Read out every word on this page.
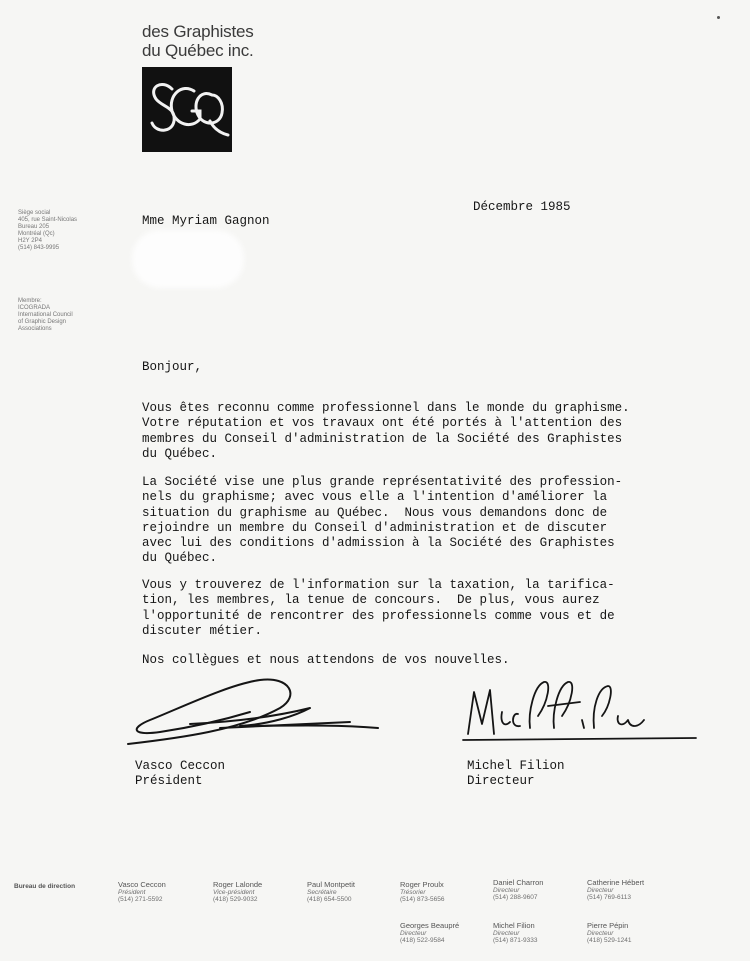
des Graphistes
du Québec inc.
Siège social
405, rue Saint-Nicolas
Bureau 205
Montréal (Qc)
H2Y 2P4
(514) 843-9995
Membre:
ICOGRADA
International Council
of Graphic Design
Associations
Décembre 1985
Mme Myriam Gagnon
Bonjour,

Vous êtes reconnu comme professionnel dans le monde du graphisme.
Votre réputation et vos travaux ont été portés à l'attention des
membres du Conseil d'administration de la Société des Graphistes
du Québec.

La Société vise une plus grande représentativité des profession-
nels du graphisme; avec vous elle a l'intention d'améliorer la
situation du graphisme au Québec.  Nous vous demandons donc de
rejoindre un membre du Conseil d'administration et de discuter
avec lui des conditions d'admission à la Société des Graphistes
du Québec.

Vous y trouverez de l'information sur la taxation, la tarifica-
tion, les membres, la tenue de concours.  De plus, vous aurez
l'opportunité de rencontrer des professionnels comme vous et de
discuter métier.

Nos collègues et nous attendons de vos nouvelles.

Vasco Ceccon
Président
Michel Filion
Directeur
Bureau de direction	Vasco Ceccon
Président
(514) 271-5592
Roger Lalonde
Vice-président
(418) 529-9032
Paul Montpetit
Secrétaire
(418) 654-5500
Roger Proulx
Trésorier
(514) 873-5656
Daniel Charron
Directeur
(514) 288-9607
Catherine Hébert
Directeur
(514) 769-6113
Georges Beaupré
Directeur
(418) 522-9584
Michel Filion
Directeur
(514) 871-9333
Pierre Pépin
Directeur
(418) 529-1241
